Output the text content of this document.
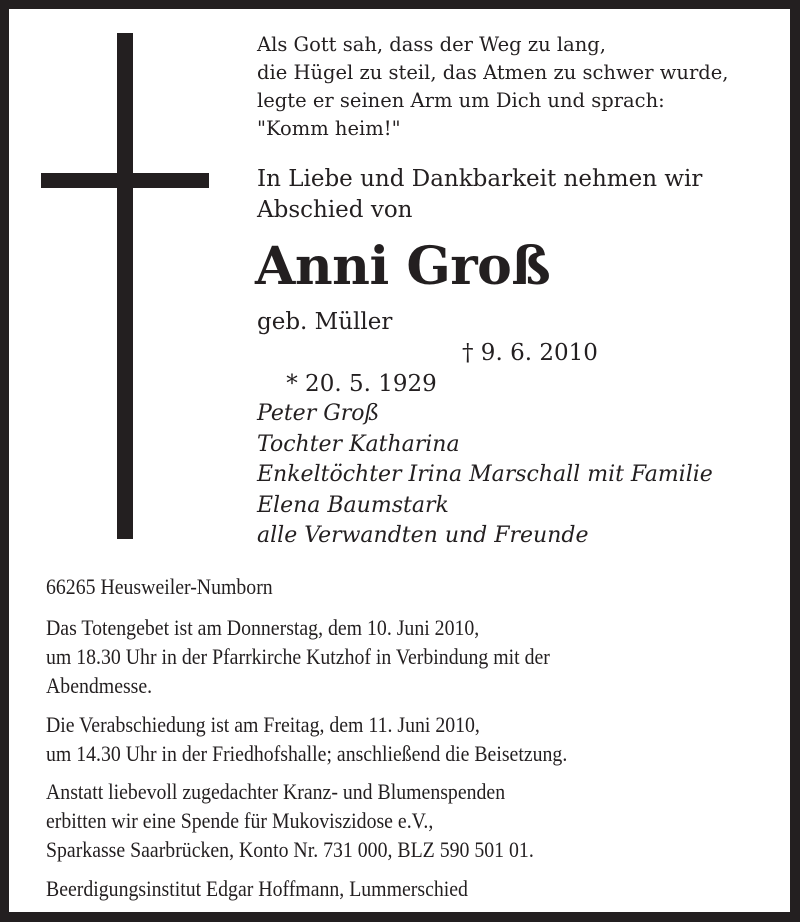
Als Gott sah, dass der Weg zu lang,
die Hügel zu steil, das Atmen zu schwer wurde,
legte er seinen Arm um Dich und sprach:
"Komm heim!"
In Liebe und Dankbarkeit nehmen wir
Abschied von
Anni Groß
geb. Müller

* 20. 5. 1929

† 9. 6. 2010

Peter Groß
Tochter Katharina
Enkeltöchter Irina Marschall mit Familie
Elena Baumstark
alle Verwandten und Freunde
66265 Heusweiler-Numborn
Das Totengebet ist am Donnerstag, dem 10. Juni 2010,
um 18.30 Uhr in der Pfarrkirche Kutzhof in Verbindung mit der
Abendmesse.
Die Verabschiedung ist am Freitag, dem 11. Juni 2010,
um 14.30 Uhr in der Friedhofshalle; anschließend die Beisetzung.
Anstatt liebevoll zugedachter Kranz- und Blumenspenden
erbitten wir eine Spende für Mukoviszidose e.V.,
Sparkasse Saarbrücken, Konto Nr. 731 000, BLZ 590 501 01.
Beerdigungsinstitut Edgar Hoffmann, Lummerschied
